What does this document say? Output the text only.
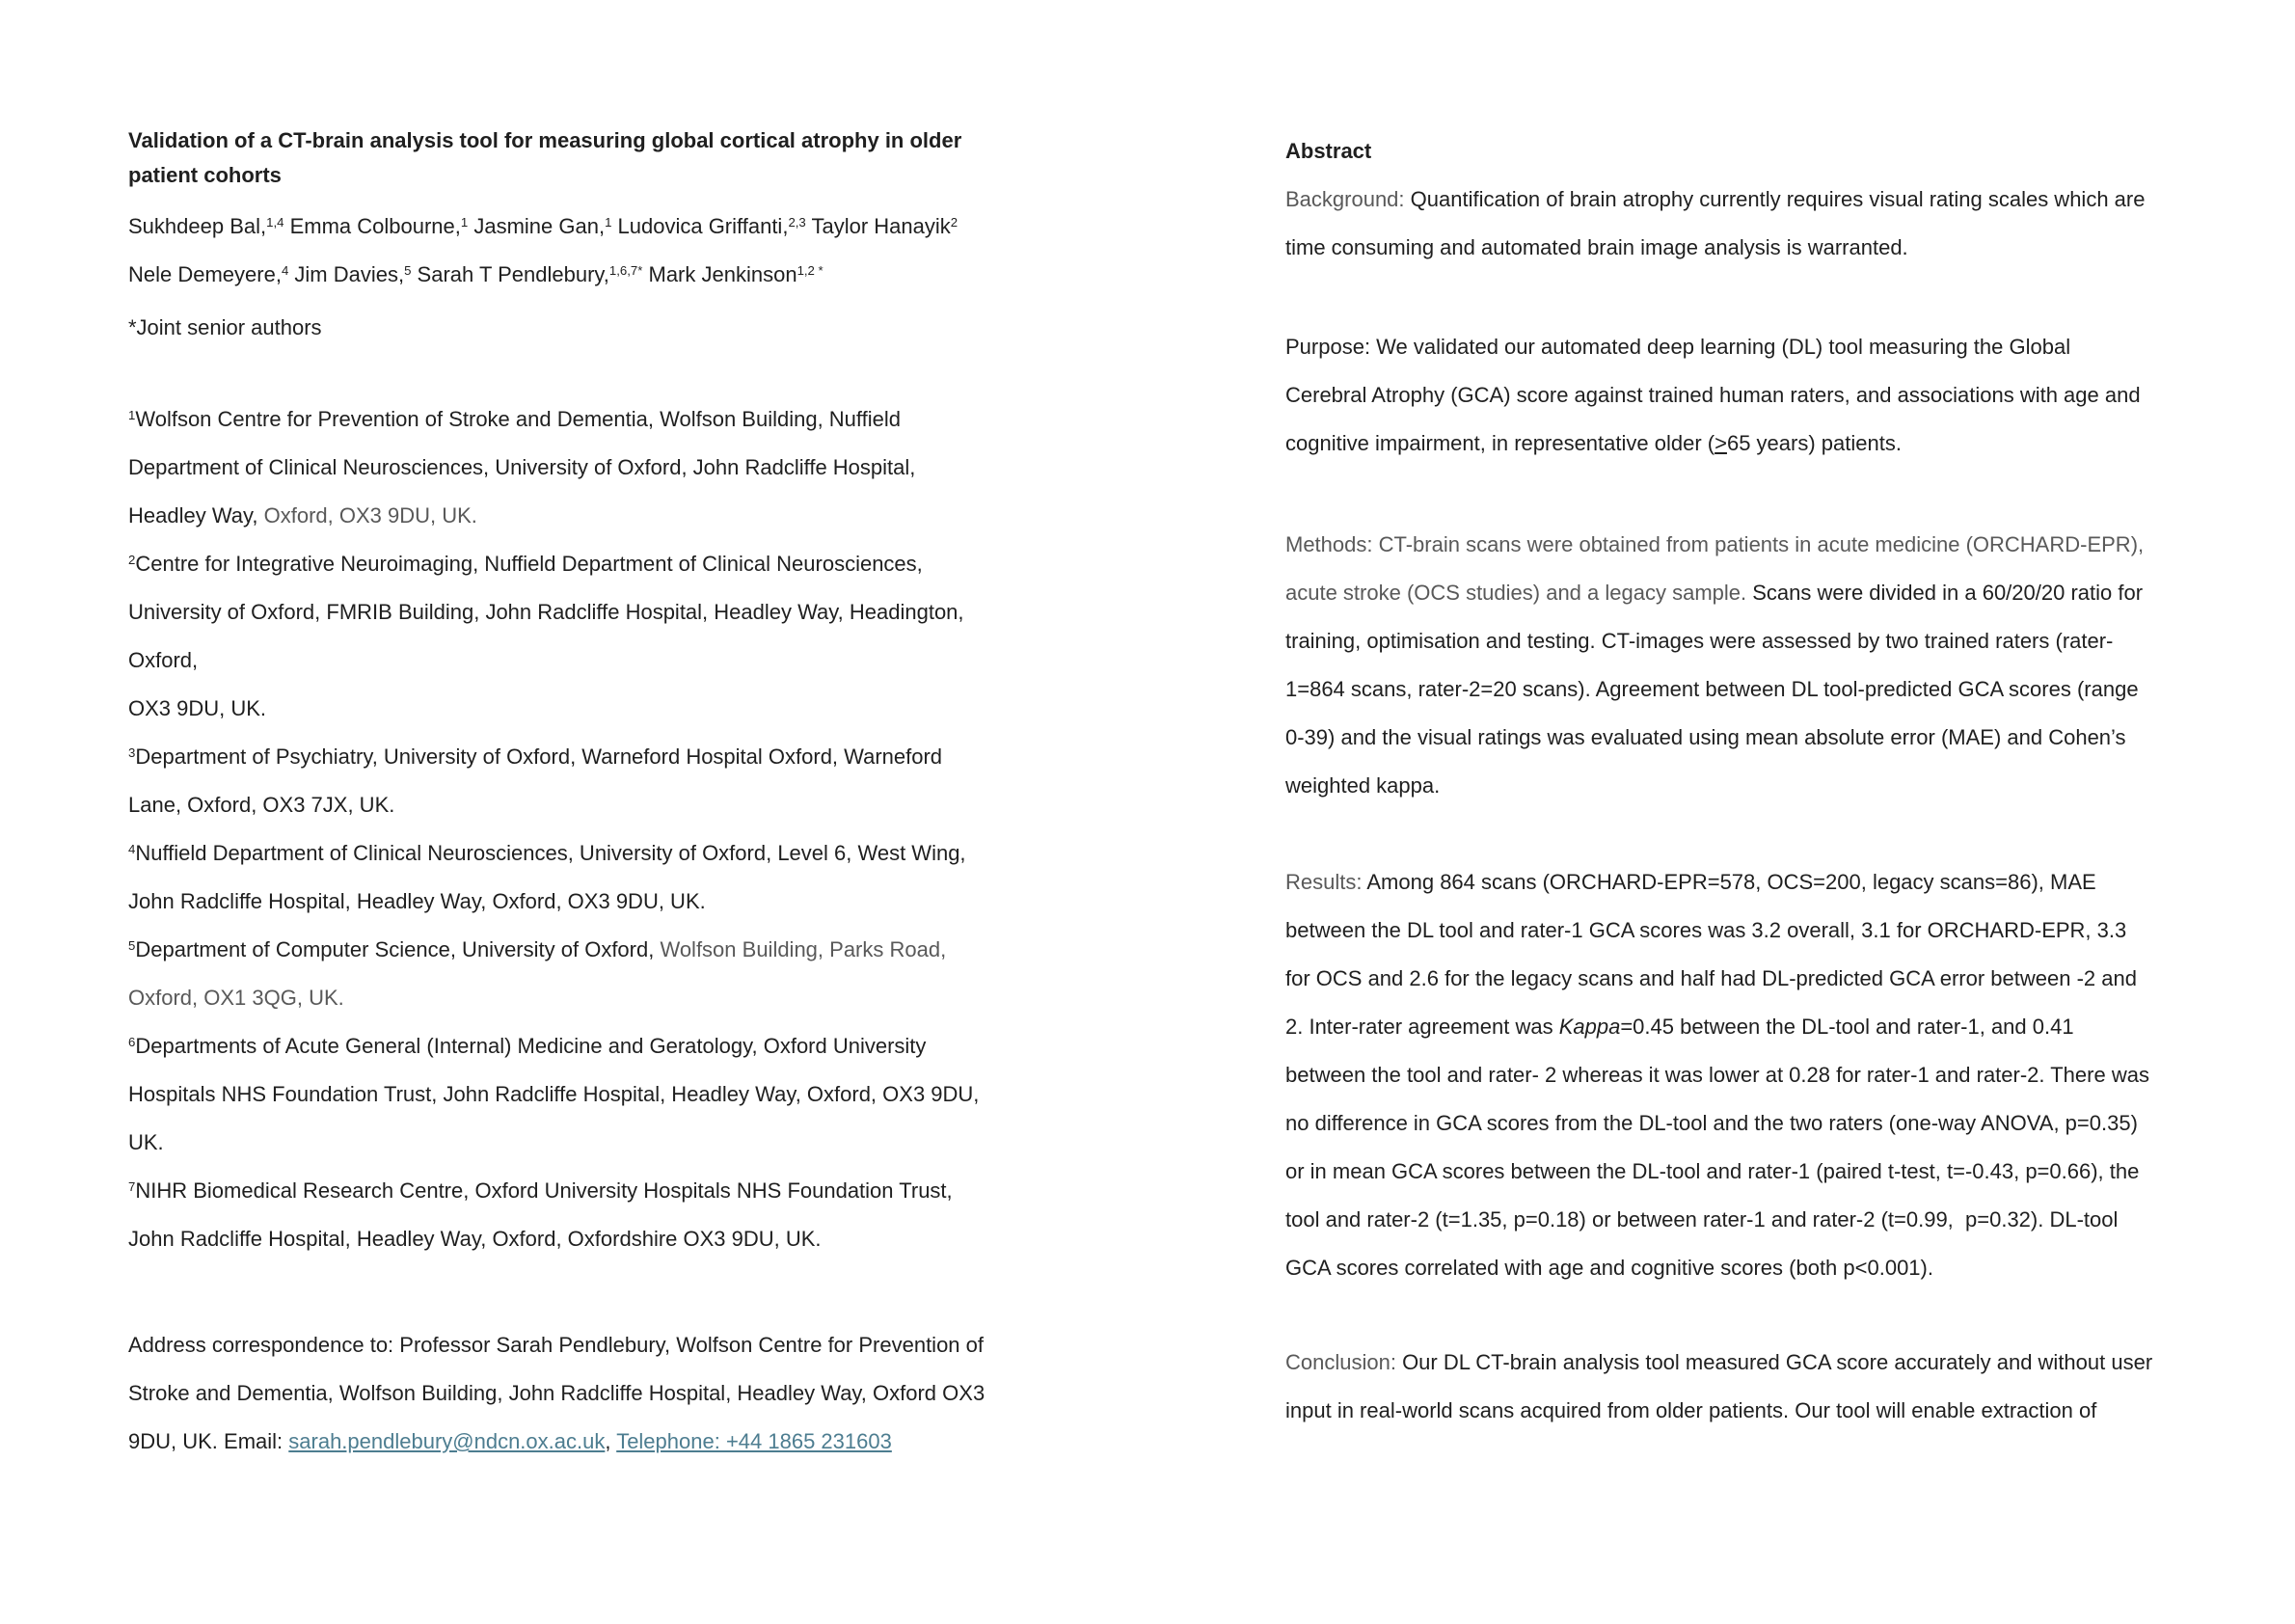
Validation of a CT-brain analysis tool for measuring global cortical atrophy in older
patient cohorts
Sukhdeep Bal,$^{1,4}$ Emma Colbourne,$^1$ Jasmine Gan,$^1$ Ludovica Griffanti,$^{2,3}$ Taylor Hanayik$^2$
Nele Demeyere,$^4$ Jim Davies,$^5$ Sarah T Pendlebury,$^{1,6,7*}$ Mark Jenkinson$^{1,2 *}$
*Joint senior authors
$^1$Wolfson Centre for Prevention of Stroke and Dementia, Wolfson Building, Nuffield
Department of Clinical Neurosciences, University of Oxford, John Radcliffe Hospital,
Headley Way, Oxford, OX3 9DU, UK.
$^2$Centre for Integrative Neuroimaging, Nuffield Department of Clinical Neurosciences,
University of Oxford, FMRIB Building, John Radcliffe Hospital, Headley Way, Headington,
Oxford,
OX3 9DU, UK.
$^3$Department of Psychiatry, University of Oxford, Warneford Hospital Oxford, Warneford
Lane, Oxford, OX3 7JX, UK.
$^4$Nuffield Department of Clinical Neurosciences, University of Oxford, Level 6, West Wing,
John Radcliffe Hospital, Headley Way, Oxford, OX3 9DU, UK.
$^5$Department of Computer Science, University of Oxford, Wolfson Building, Parks Road,
Oxford, OX1 3QG, UK.
$^6$Departments of Acute General (Internal) Medicine and Geratology, Oxford University
Hospitals NHS Foundation Trust, John Radcliffe Hospital, Headley Way, Oxford, OX3 9DU,
UK.
$^7$NIHR Biomedical Research Centre, Oxford University Hospitals NHS Foundation Trust,
John Radcliffe Hospital, Headley Way, Oxford, Oxfordshire OX3 9DU, UK.
Address correspondence to: Professor Sarah Pendlebury, Wolfson Centre for Prevention of
Stroke and Dementia, Wolfson Building, John Radcliffe Hospital, Headley Way, Oxford OX3
9DU, UK. Email: sarah.pendlebury@ndcn.ox.ac.uk, Telephone: +44 1865 231603
Abstract
Background: Quantification of brain atrophy currently requires visual rating scales which are
time consuming and automated brain image analysis is warranted.
Purpose: We validated our automated deep learning (DL) tool measuring the Global
Cerebral Atrophy (GCA) score against trained human raters, and associations with age and
cognitive impairment, in representative older (>65 years) patients.
Methods: CT-brain scans were obtained from patients in acute medicine (ORCHARD-EPR),
acute stroke (OCS studies) and a legacy sample. Scans were divided in a 60/20/20 ratio for
training, optimisation and testing. CT-images were assessed by two trained raters (rater-
1=864 scans, rater-2=20 scans). Agreement between DL tool-predicted GCA scores (range
0-39) and the visual ratings was evaluated using mean absolute error (MAE) and Cohen’s
weighted kappa.
Results: Among 864 scans (ORCHARD-EPR=578, OCS=200, legacy scans=86), MAE
between the DL tool and rater-1 GCA scores was 3.2 overall, 3.1 for ORCHARD-EPR, 3.3
for OCS and 2.6 for the legacy scans and half had DL-predicted GCA error between -2 and
2. Inter-rater agreement was Kappa=0.45 between the DL-tool and rater-1, and 0.41
between the tool and rater- 2 whereas it was lower at 0.28 for rater-1 and rater-2. There was
no difference in GCA scores from the DL-tool and the two raters (one-way ANOVA, p=0.35)
or in mean GCA scores between the DL-tool and rater-1 (paired t-test, t=-0.43, p=0.66), the
tool and rater-2 (t=1.35, p=0.18) or between rater-1 and rater-2 (t=0.99,  p=0.32). DL-tool
GCA scores correlated with age and cognitive scores (both p<0.001).
Conclusion: Our DL CT-brain analysis tool measured GCA score accurately and without user
input in real-world scans acquired from older patients. Our tool will enable extraction of
